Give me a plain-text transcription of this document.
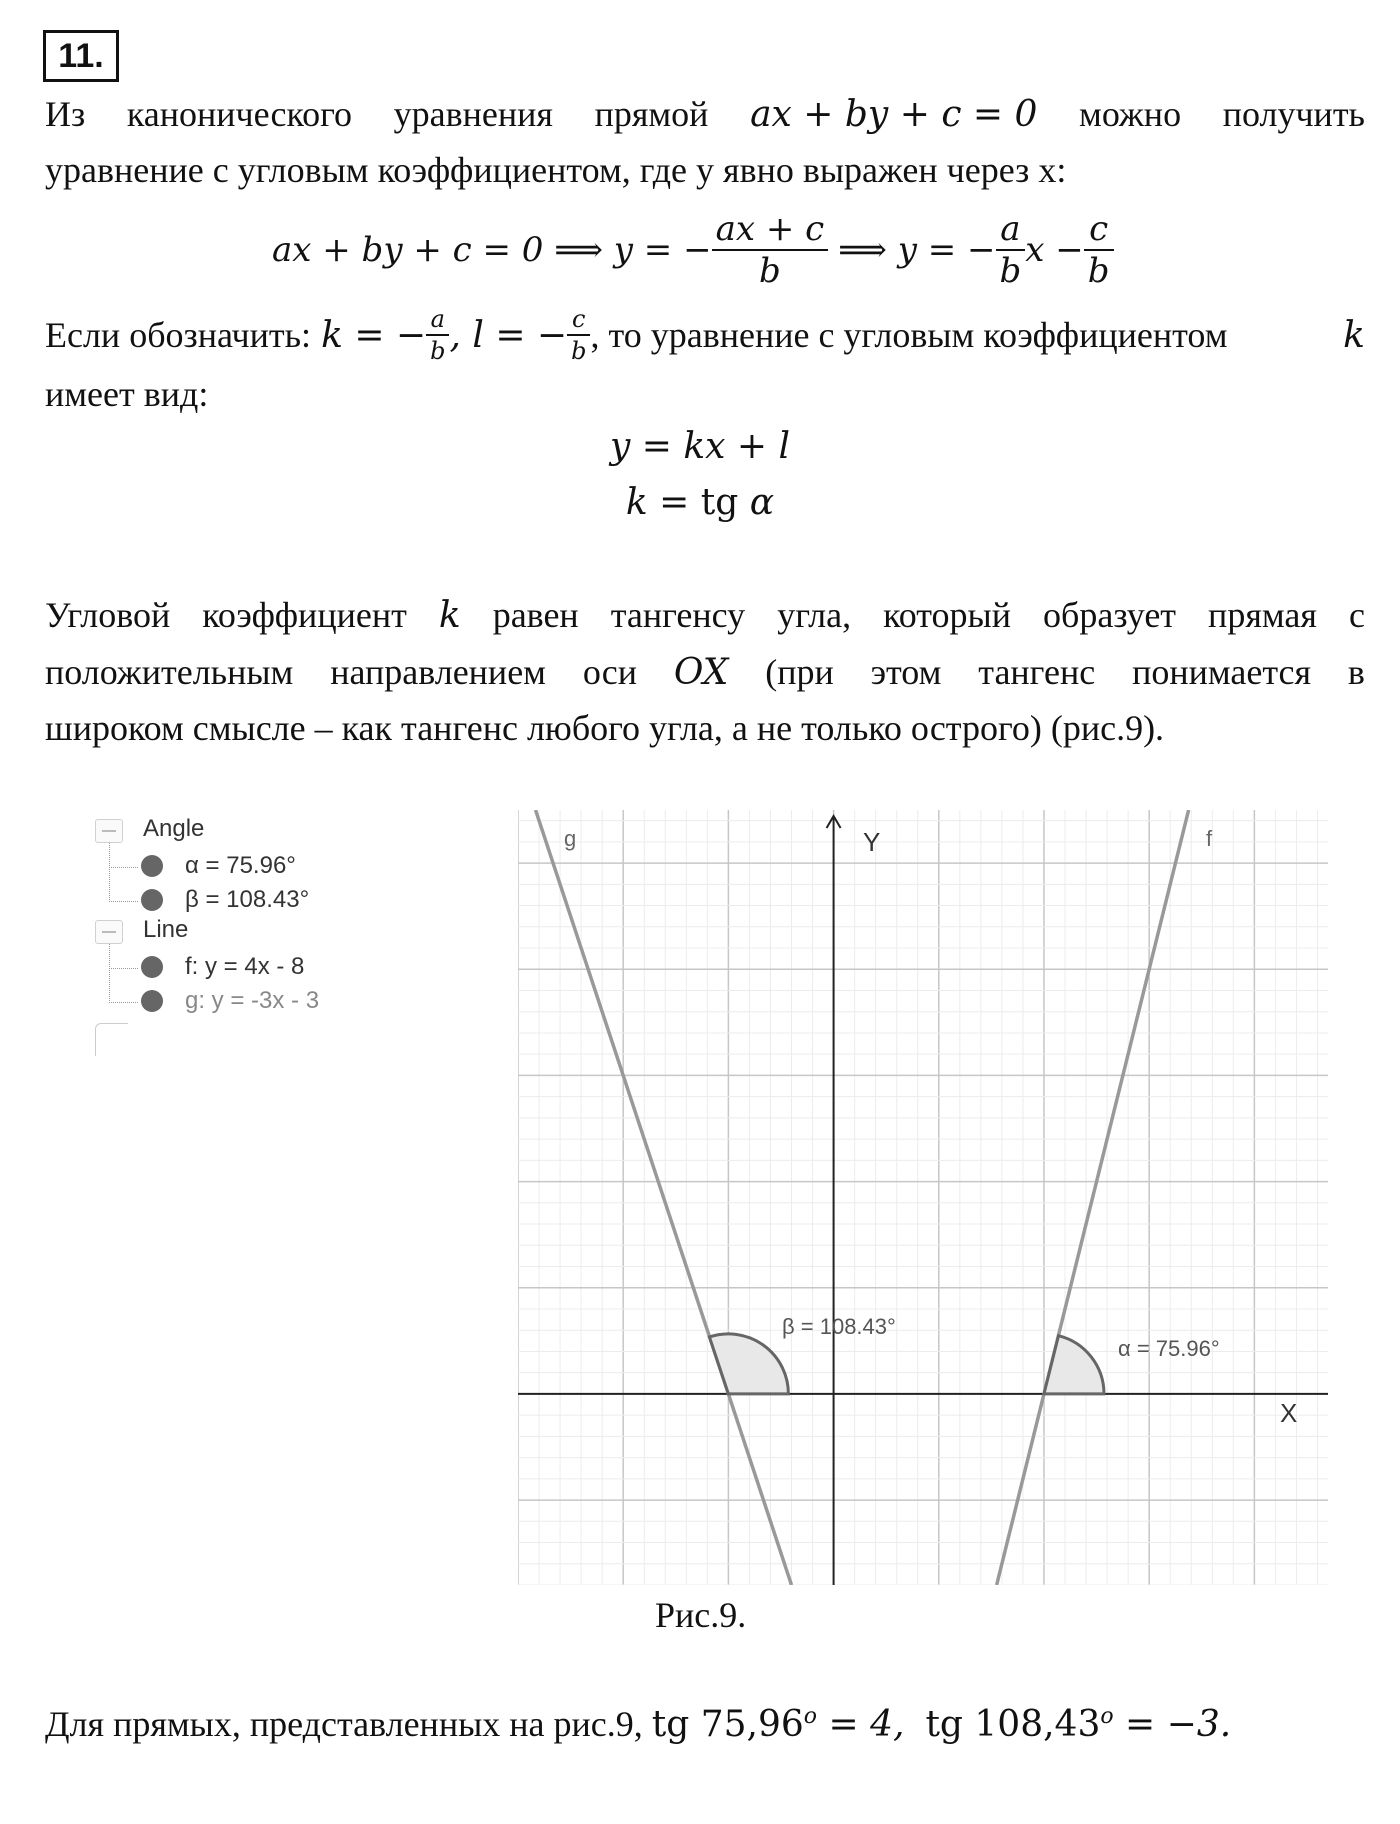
11.
Из канонического уравнения прямой ax + by + c = 0 можно получить
уравнение с угловым коэффициентом, где y явно выражен через x:
ax + by + c = 0 ⟹ y = − $\frac{ax + c}{b}$ ⟹ y = − $\frac{a}{b}$ $x - \frac{c}{b}$
Если обозначить: k = − $\frac{a}{b}$ , l = − $\frac{c}{b}$ , то уравнение с угловым коэффициентом	k
имеет вид:
y = kx + l
k = tg α
Угловой коэффициент k равен тангенсу угла, который образует прямая с
положительным направлением оси OX (при этом тангенс понимается в
широком смысле – как тангенс любого угла, а не только острого) (рис.9).
Angle
α = 75.96°
β = 108.43°
Line
f: y = 4x - 8
g: y = -3x - 3
Y
X
f
g
β = 108.43°
α = 75.96°
Рис.9.
Для прямых, представленных на рис.9, tg $75,96^o = 4$, tg $108,43^o = -3$.
